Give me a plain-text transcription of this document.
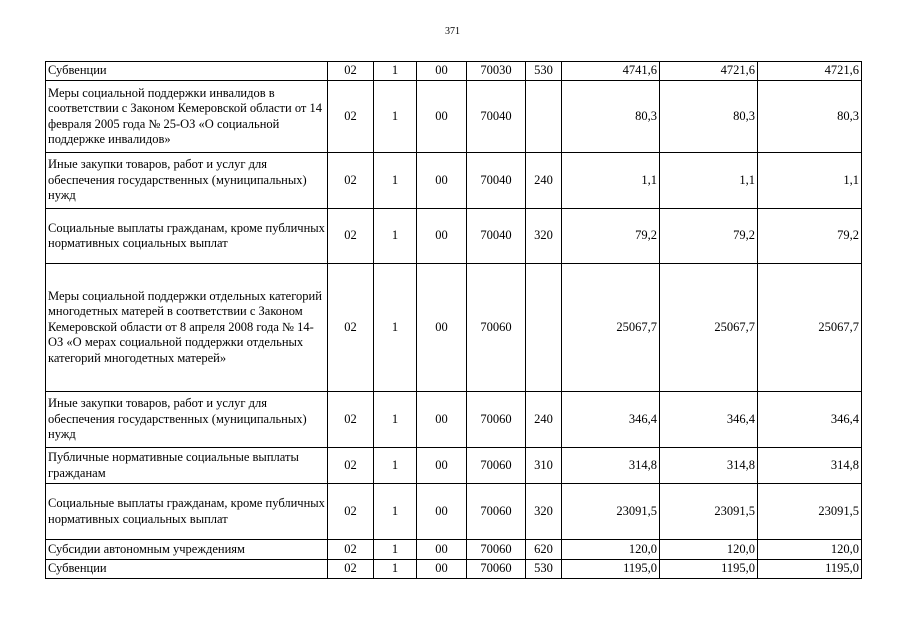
371
Субвенции	02	1	00	70030	530	4741,6	4721,6	4721,6
Меры социальной поддержки инвалидов в соответствии с Законом Кемеровской области от 14 февраля 2005 года № 25-ОЗ «О социальной поддержке инвалидов»	02	1	00	70040		80,3	80,3	80,3
Иные закупки товаров, работ и услуг для обеспечения государственных (муниципальных) нужд	02	1	00	70040	240	1,1	1,1	1,1
Социальные выплаты гражданам, кроме публичных нормативных социальных выплат	02	1	00	70040	320	79,2	79,2	79,2
Меры социальной поддержки отдельных категорий многодетных матерей в соответствии с Законом Кемеровской области от 8 апреля 2008 года № 14-ОЗ «О мерах социальной поддержки отдельных категорий многодетных матерей»	02	1	00	70060		25067,7	25067,7	25067,7
Иные закупки товаров, работ и услуг для обеспечения государственных (муниципальных) нужд	02	1	00	70060	240	346,4	346,4	346,4
Публичные нормативные социальные выплаты гражданам	02	1	00	70060	310	314,8	314,8	314,8
Социальные выплаты гражданам, кроме публичных нормативных социальных выплат	02	1	00	70060	320	23091,5	23091,5	23091,5
Субсидии автономным учреждениям	02	1	00	70060	620	120,0	120,0	120,0
Субвенции	02	1	00	70060	530	1195,0	1195,0	1195,0
